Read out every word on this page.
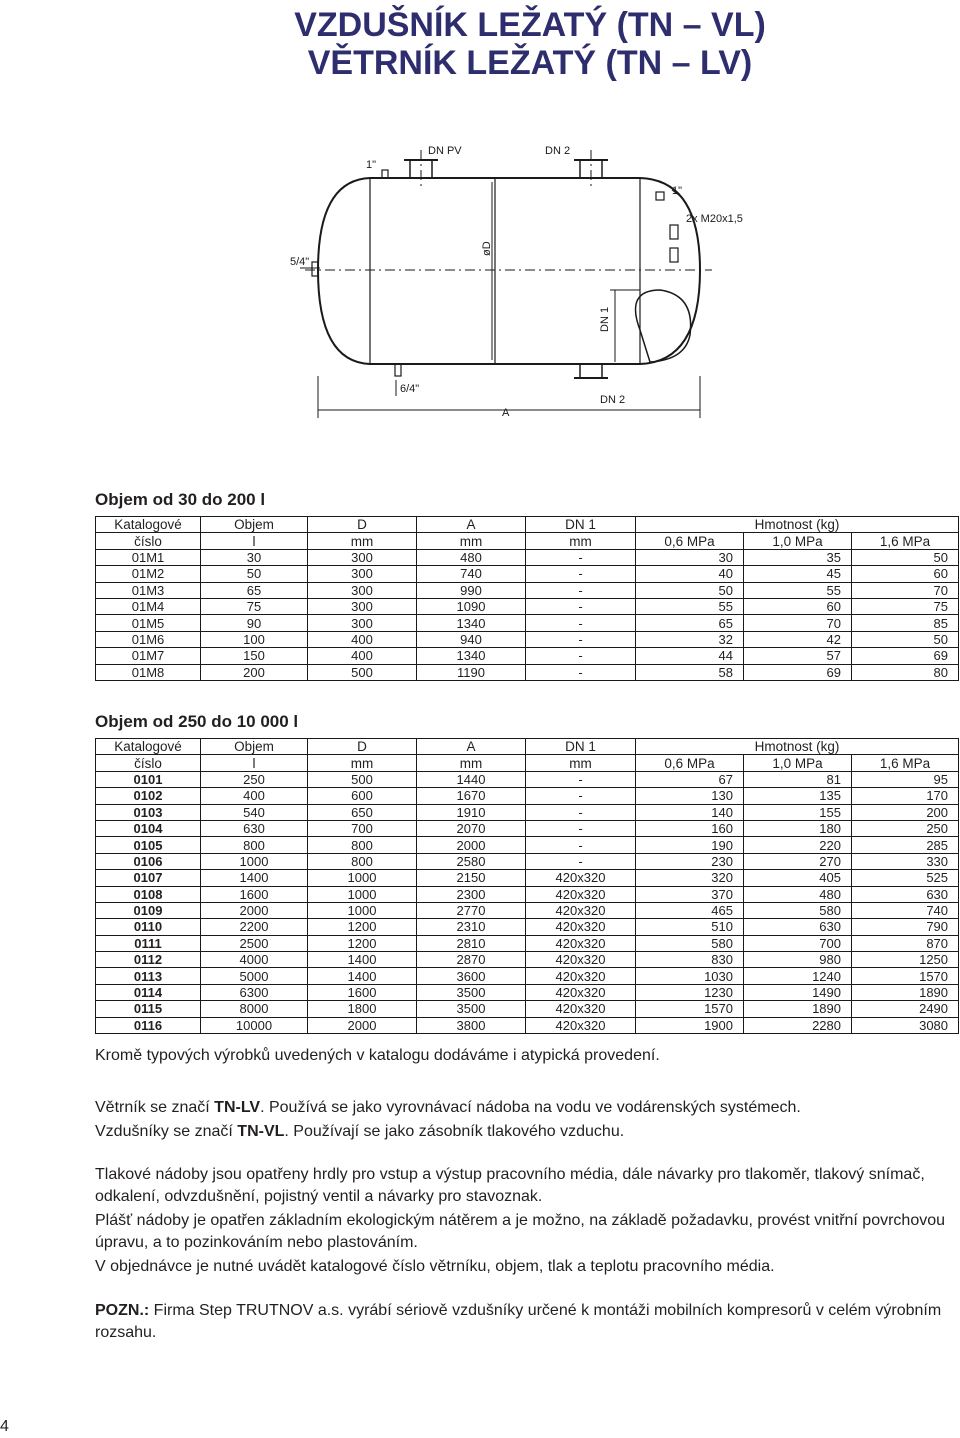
VZDUŠNÍK LEŽATÝ (TN – VL)
VĚTRNÍK LEŽATÝ (TN – LV)
DN PV	DN 2
1"
1"
2x M20x1,5
5/4"
øD
DN 1
6/4"
DN 2
A
Objem od 30 do 200 l
Katalogové	Objem	D	A	DN 1	Hmotnost (kg)		
číslo	l	mm	mm	mm	0,6 MPa	1,0 MPa	1,6 MPa
01M1	30	300	480	-	30	35	50
01M2	50	300	740	-	40	45	60
01M3	65	300	990	-	50	55	70
01M4	75	300	1090	-	55	60	75
01M5	90	300	1340	-	65	70	85
01M6	100	400	940	-	32	42	50
01M7	150	400	1340	-	44	57	69
01M8	200	500	1190	-	58	69	80
Objem od 250 do 10 000 l
Katalogové	Objem	D	A	DN 1	Hmotnost (kg)		
číslo	l	mm	mm	mm	0,6 MPa	1,0 MPa	1,6 MPa
0101	250	500	1440	-	67	81	95
0102	400	600	1670	-	130	135	170
0103	540	650	1910	-	140	155	200
0104	630	700	2070	-	160	180	250
0105	800	800	2000	-	190	220	285
0106	1000	800	2580	-	230	270	330
0107	1400	1000	2150	420x320	320	405	525
0108	1600	1000	2300	420x320	370	480	630
0109	2000	1000	2770	420x320	465	580	740
0110	2200	1200	2310	420x320	510	630	790
0111	2500	1200	2810	420x320	580	700	870
0112	4000	1400	2870	420x320	830	980	1250
0113	5000	1400	3600	420x320	1030	1240	1570
0114	6300	1600	3500	420x320	1230	1490	1890
0115	8000	1800	3500	420x320	1570	1890	2490
0116	10000	2000	3800	420x320	1900	2280	3080
Kromě typových výrobků uvedených v katalogu dodáváme i atypická provedení.
Větrník se značí TN-LV. Používá se jako vyrovnávací nádoba na vodu ve vodárenských systémech.
Vzdušníky se značí TN-VL. Používají se jako zásobník tlakového vzduchu.
Tlakové nádoby jsou opatřeny hrdly pro vstup a výstup pracovního média, dále návarky pro tlakoměr, tlakový snímač, odkalení, odvzdušnění, pojistný ventil a návarky pro stavoznak.
Plášť nádoby je opatřen základním ekologickým nátěrem a je možno, na základě požadavku, provést vnitřní povrchovou úpravu, a to pozinkováním nebo plastováním.
V objednávce je nutné uvádět katalogové číslo větrníku, objem, tlak a teplotu pracovního média.
POZN.: Firma Step TRUTNOV a.s. vyrábí sériově vzdušníky určené k montáži mobilních kompresorů v celém výrobním rozsahu.
4
